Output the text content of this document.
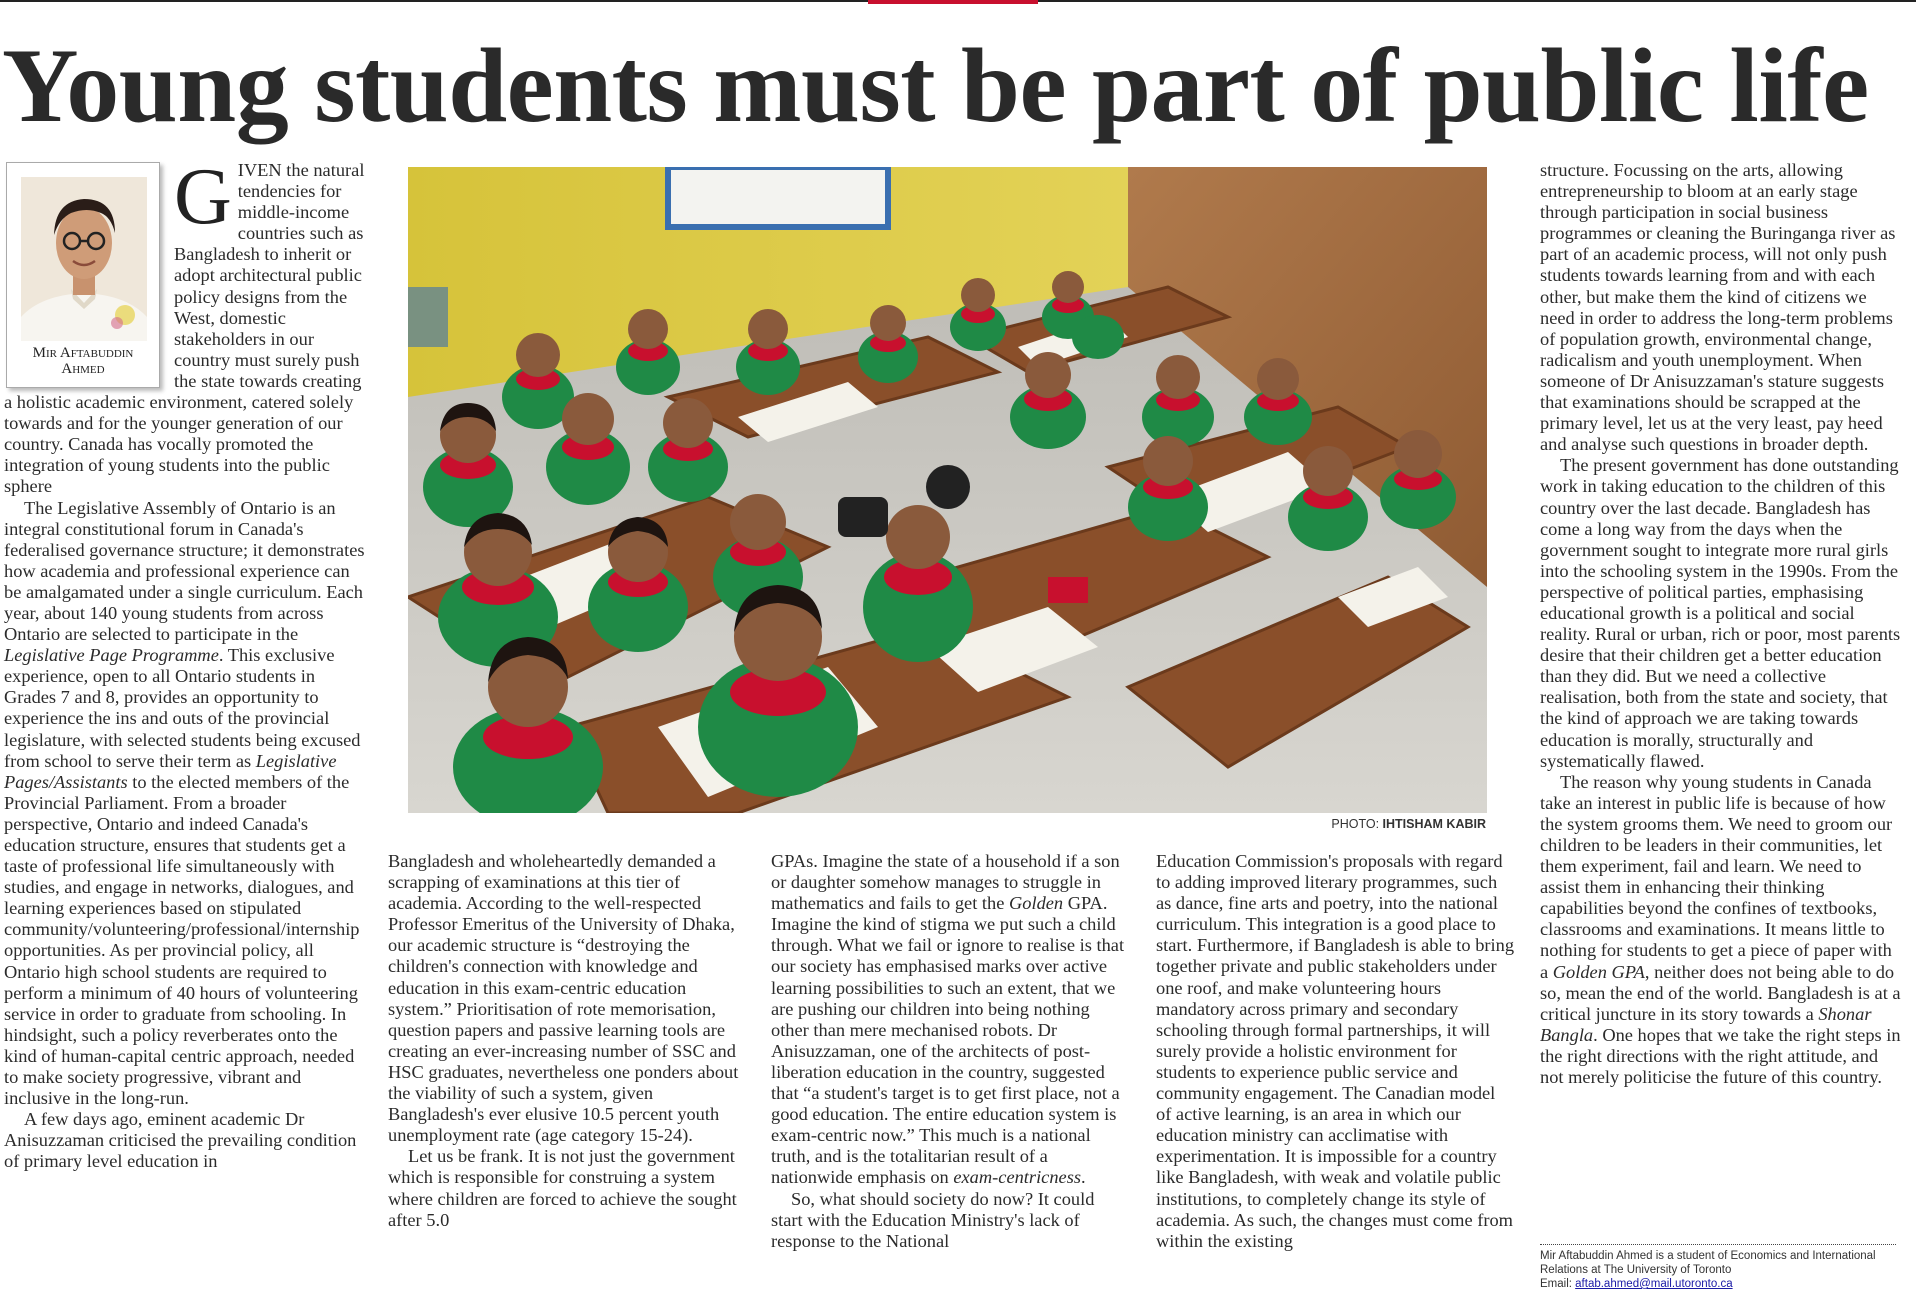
Young students must be part of public life
Mir Aftabuddin
Ahmed
G IVEN the natural tendencies for middle-income countries such as Bangladesh to inherit or adopt architectural public policy designs from the West, domestic stakeholders in our country must surely push the state towards creating a holistic academic environment, catered solely towards and for the younger generation of our country. Canada has vocally promoted the integration of young students into the public sphere

The Legislative Assembly of Ontario is an integral constitutional forum in Canada's federalised governance structure; it demonstrates how academia and professional experience can be amalgamated under a single curriculum. Each year, about 140 young students from across Ontario are selected to participate in the Legislative Page Programme. This exclusive experience, open to all Ontario students in Grades 7 and 8, provides an opportunity to experience the ins and outs of the provincial legislature, with selected students being excused from school to serve their term as Legislative Pages/Assistants to the elected members of the Provincial Parliament. From a broader perspective, Ontario and indeed Canada's education structure, ensures that students get a taste of professional life simultaneously with studies, and engage in networks, dialogues, and learning experiences based on stipulated community/volunteering/professional/internship opportunities. As per provincial policy, all Ontario high school students are required to perform a minimum of 40 hours of volunteering service in order to graduate from schooling. In hindsight, such a policy reverberates onto the kind of human-capital centric approach, needed to make society progressive, vibrant and inclusive in the long-run.

A few days ago, eminent academic Dr Anisuzzaman criticised the prevailing condition of primary level education in

PHOTO: IHTISHAM KABIR

Bangladesh and wholeheartedly demanded a scrapping of examinations at this tier of academia. According to the well-respected Professor Emeritus of the University of Dhaka, our academic structure is “destroying the children's connection with knowledge and education in this exam-centric education system.” Prioritisation of rote memorisation, question papers and passive learning tools are creating an ever-increasing number of SSC and HSC graduates, nevertheless one ponders about the viability of such a system, given Bangladesh's ever elusive 10.5 percent youth unemployment rate (age category 15-24).

Let us be frank. It is not just the government which is responsible for construing a system where children are forced to achieve the sought after 5.0

GPAs. Imagine the state of a household if a son or daughter somehow manages to struggle in mathematics and fails to get the Golden GPA. Imagine the kind of stigma we put such a child through. What we fail or ignore to realise is that our society has emphasised marks over active learning possibilities to such an extent, that we are pushing our children into being nothing other than mere mechanised robots. Dr Anisuzzaman, one of the architects of post-liberation education in the country, suggested that “a student's target is to get first place, not a good education. The entire education system is exam-centric now.” This much is a national truth, and is the totalitarian result of a nationwide emphasis on exam-centricness.

So, what should society do now? It could start with the Education Ministry's lack of response to the National

Education Commission's proposals with regard to adding improved literary programmes, such as dance, fine arts and poetry, into the national curriculum. This integration is a good place to start. Furthermore, if Bangladesh is able to bring together private and public stakeholders under one roof, and make volunteering hours mandatory across primary and secondary schooling through formal partnerships, it will surely provide a holistic environment for students to experience public service and community engagement. The Canadian model of active learning, is an area in which our education ministry can acclimatise with experimentation. It is impossible for a country like Bangladesh, with weak and volatile public institutions, to completely change its style of academia. As such, the changes must come from within the existing

structure. Focussing on the arts, allowing entrepreneurship to bloom at an early stage through participation in social business programmes or cleaning the Buringanga river as part of an academic process, will not only push students towards learning from and with each other, but make them the kind of citizens we need in order to address the long-term problems of population growth, environmental change, radicalism and youth unemployment. When someone of Dr Anisuzzaman's stature suggests that examinations should be scrapped at the primary level, let us at the very least, pay heed and analyse such questions in broader depth.

The present government has done outstanding work in taking education to the children of this country over the last decade. Bangladesh has come a long way from the days when the government sought to integrate more rural girls into the schooling system in the 1990s. From the perspective of political parties, emphasising educational growth is a political and social reality. Rural or urban, rich or poor, most parents desire that their children get a better education than they did. But we need a collective realisation, both from the state and society, that the kind of approach we are taking towards education is morally, structurally and systematically flawed.

The reason why young students in Canada take an interest in public life is because of how the system grooms them. We need to groom our children to be leaders in their communities, let them experiment, fail and learn. We need to assist them in enhancing their thinking capabilities beyond the confines of textbooks, classrooms and examinations. It means little to nothing for students to get a piece of paper with a Golden GPA, neither does not being able to do so, mean the end of the world. Bangladesh is at a critical juncture in its story towards a Shonar Bangla. One hopes that we take the right steps in the right directions with the right attitude, and not merely politicise the future of this country.

Mir Aftabuddin Ahmed is a student of Economics and International Relations at The University of Toronto
Email: aftab.ahmed@mail.utoronto.ca
